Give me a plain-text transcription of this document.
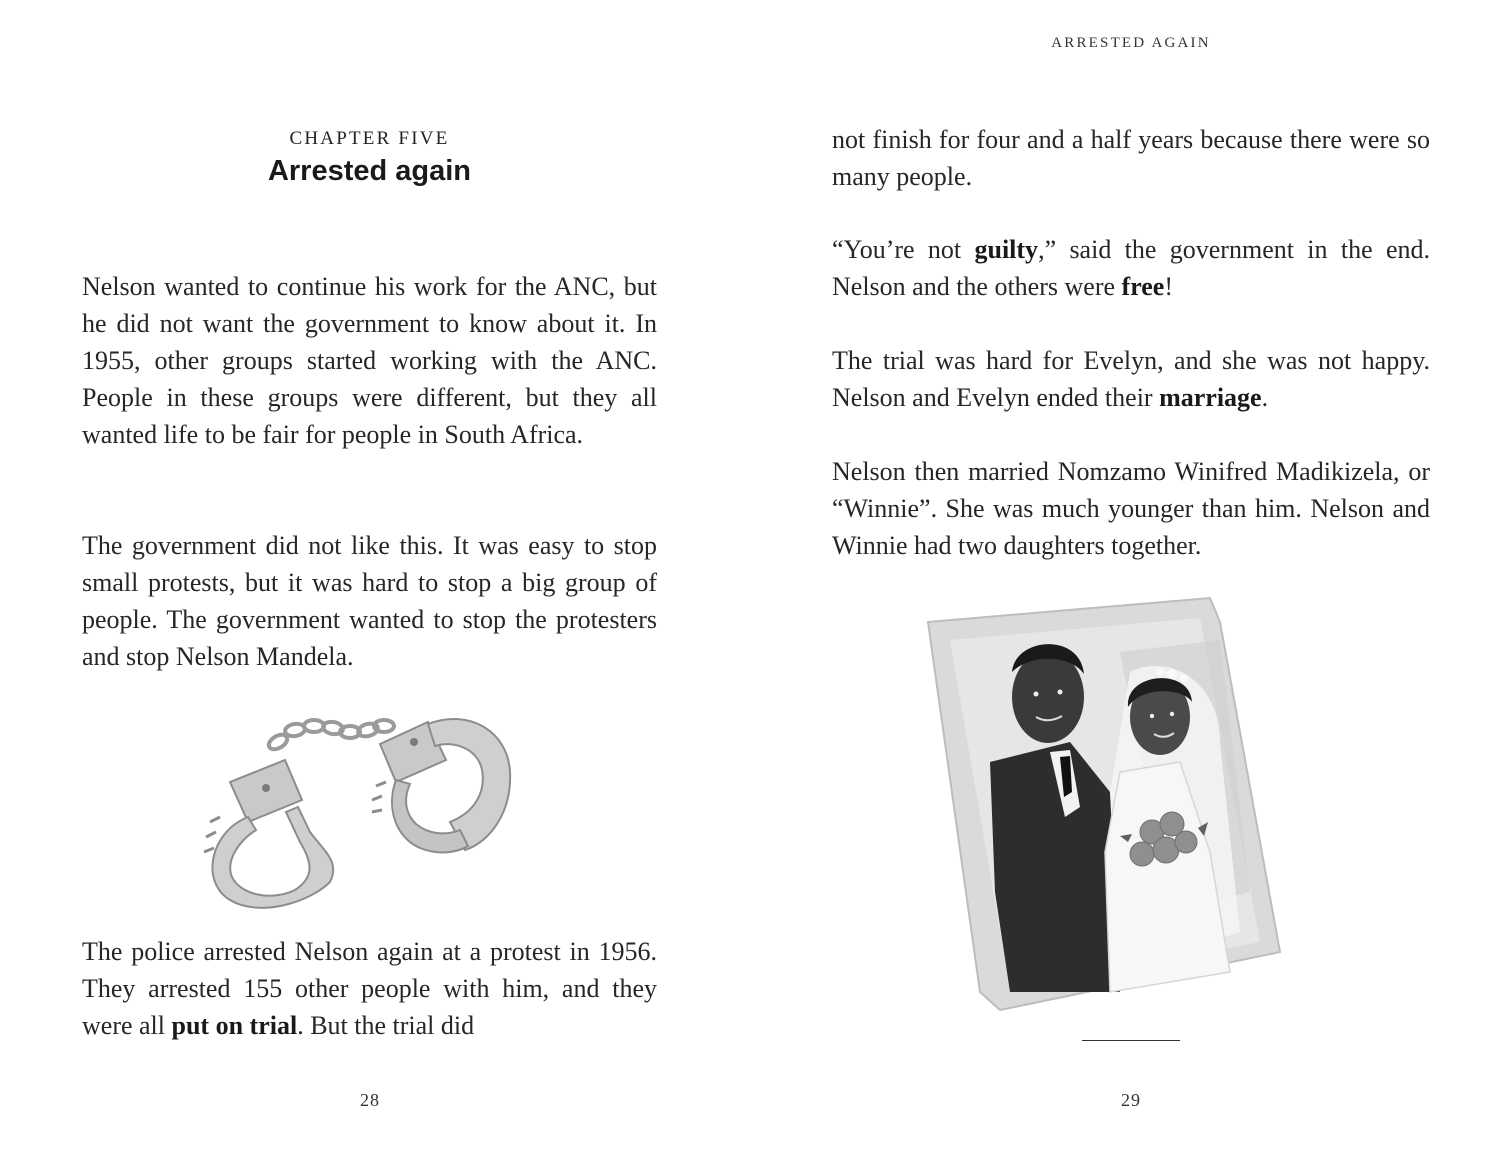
CHAPTER FIVE
Arrested again

Nelson wanted to continue his work for the ANC, but he did not want the government to know about it. In 1955, other groups started working with the ANC. People in these groups were different, but they all wanted life to be fair for people in South Africa.

The government did not like this. It was easy to stop small protests, but it was hard to stop a big group of people. The government wanted to stop the protesters and stop Nelson Mandela.

The police arrested Nelson again at a protest in 1956. They arrested 155 other people with him, and they were all put on trial. But the trial did

28
ARRESTED AGAIN

not finish for four and a half years because there were so many people.

“You’re not guilty,” said the government in the end. Nelson and the others were free!

The trial was hard for Evelyn, and she was not happy. Nelson and Evelyn ended their marriage.

Nelson then married Nomzamo Winifred Madikizela, or “Winnie”. She was much younger than him. Nelson and Winnie had two daughters together.

29
